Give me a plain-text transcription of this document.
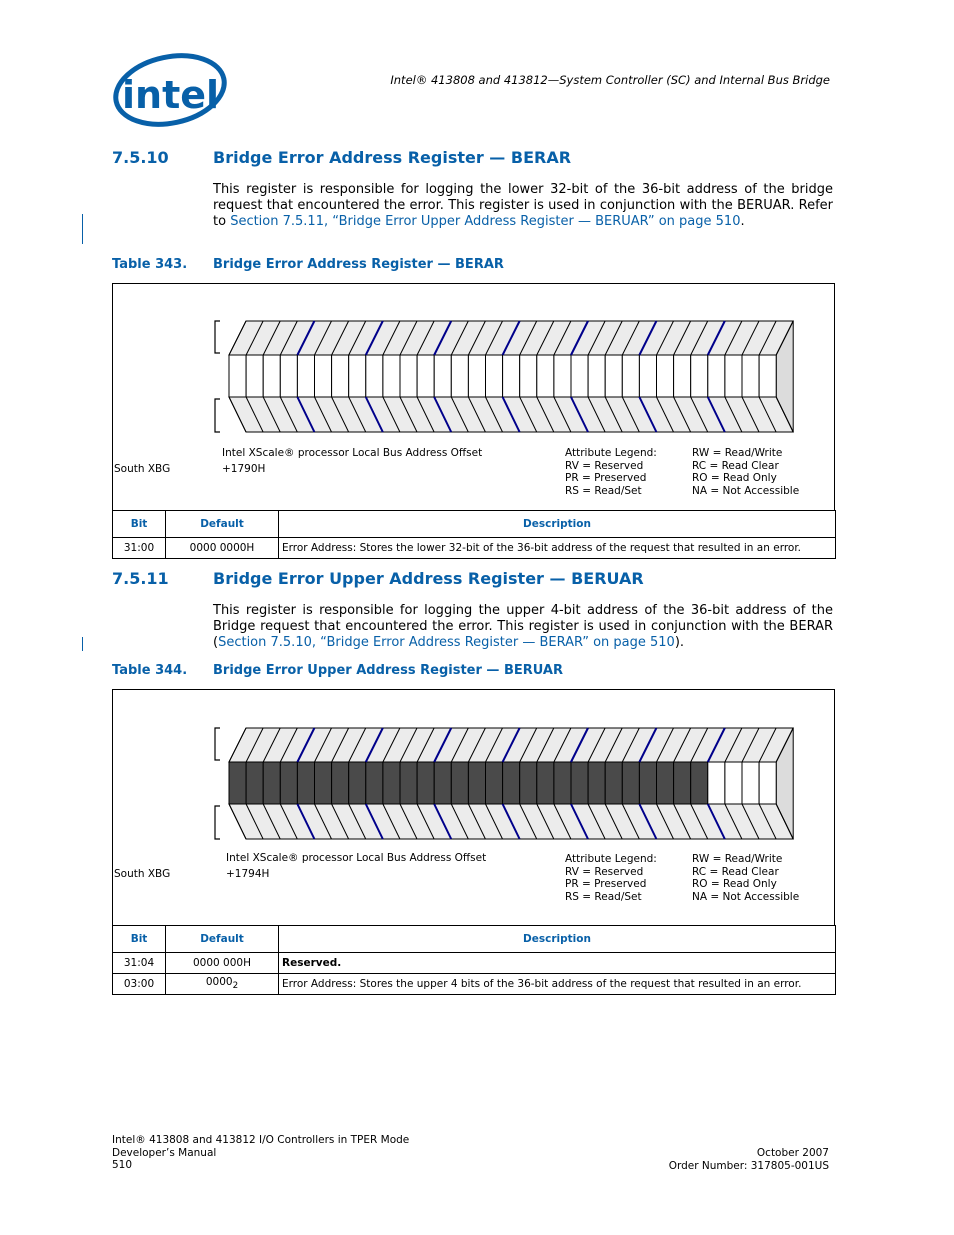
intel	Intel® 413808 and 413812—System Controller (SC) and Internal Bus Bridge
7.5.10	Bridge Error Address Register — BERAR
This register is responsible for logging the lower 32-bit of the 36-bit address of the bridge request that encountered the error. This register is used in conjunction with the BERUAR. Refer to Section 7.5.11, “Bridge Error Upper Address Register — BERUAR” on page 510.
Table 343. Bridge Error Address Register — BERAR
Intel XScale® processor Local Bus Address Offset
+1790H
South XBG
Attribute Legend:
RV = Reserved
PR = Preserved
RS = Read/Set
RW = Read/Write
RC = Read Clear
RO = Read Only
NA = Not Accessible
Bit	Default	Description
31:00	0000 0000H	Error Address: Stores the lower 32-bit of the 36-bit address of the request that resulted in an error.
7.5.11	Bridge Error Upper Address Register — BERUAR
This register is responsible for logging the upper 4-bit address of the 36-bit address of the Bridge request that encountered the error. This register is used in conjunction with the BERAR (Section 7.5.10, “Bridge Error Address Register — BERAR” on page 510).
Table 344. Bridge Error Upper Address Register — BERUAR
Intel XScale® processor Local Bus Address Offset
+1794H
South XBG
Attribute Legend:
RV = Reserved
PR = Preserved
RS = Read/Set
RW = Read/Write
RC = Read Clear
RO = Read Only
NA = Not Accessible
Bit	Default	Description
31:04	0000 000H	Reserved.
03:00	$0000_2$	Error Address: Stores the upper 4 bits of the 36-bit address of the request that resulted in an error.
Intel® 413808 and 413812 I/O Controllers in TPER Mode
Developer’s Manual
510
October 2007
Order Number: 317805-001US
